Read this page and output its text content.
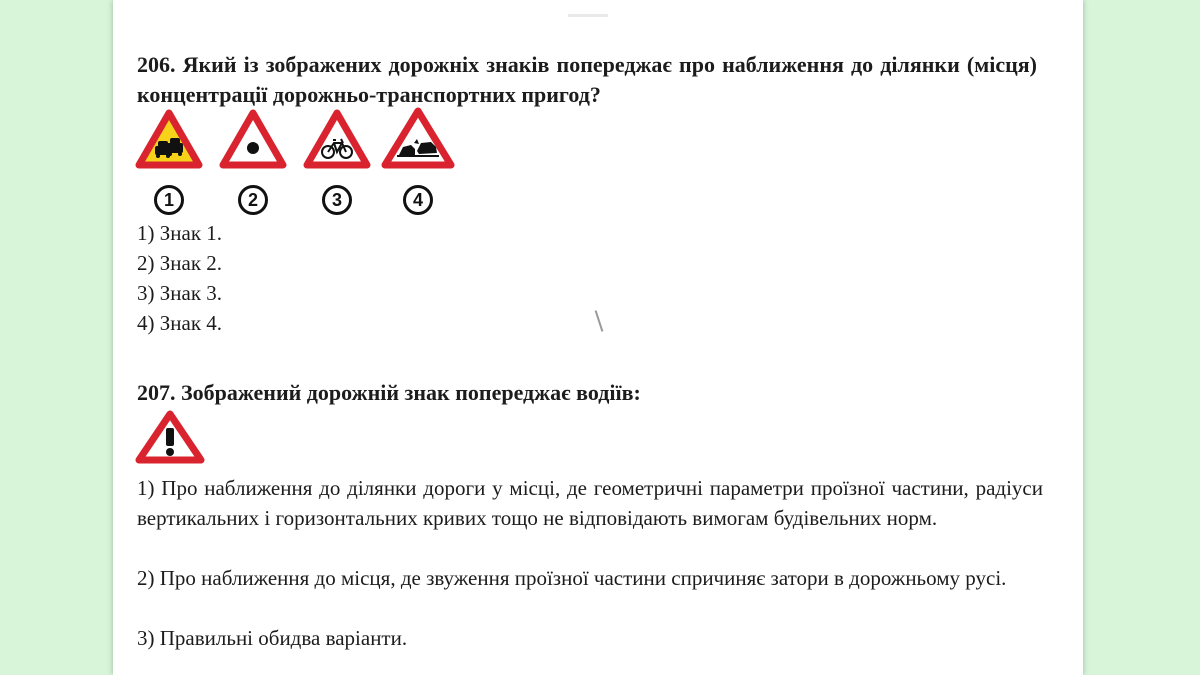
206. Який із зображених дорожніх знаків попереджає про наближення до ділянки (місця) концентрації дорожньо-транспортних пригод?

1	2	3	4

1) Знак 1.

2) Знак 2.

3) Знак 3.

4) Знак 4.

207. Зображений дорожній знак попереджає водіїв:

1) Про наближення до ділянки дороги у місці, де геометричні параметри проїзної частини, радіуси вертикальних і горизонтальних кривих тощо не відповідають вимогам будівельних норм.

2) Про наближення до місця, де звуження проїзної частини спричиняє затори в дорожньому русі.

3) Правильні обидва варіанти.
